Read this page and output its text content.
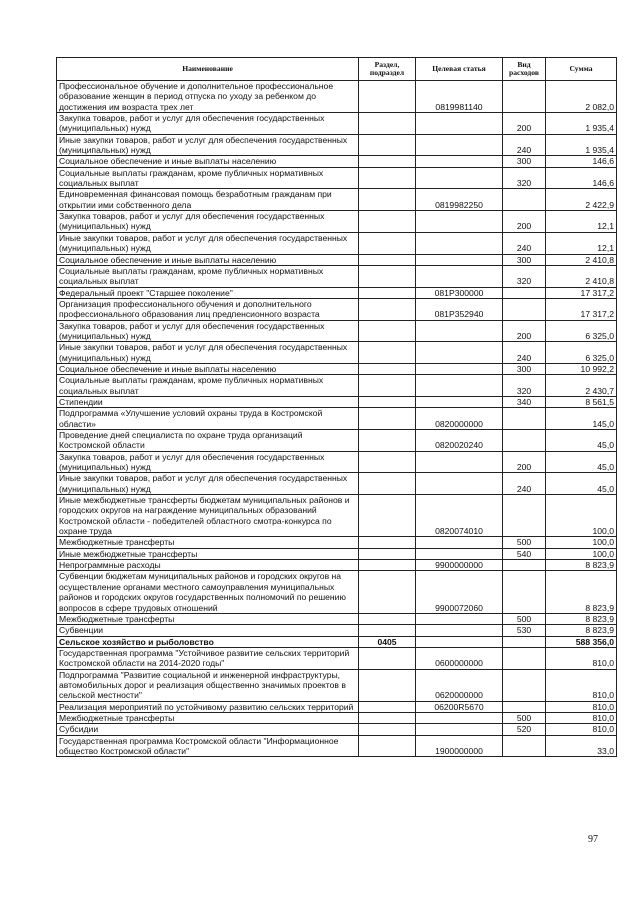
Наименование	Раздел, подраздел	Целевая статья	Вид расходов	Сумма
Профессиональное обучение и дополнительное профессиональное образование женщин в период отпуска по уходу за ребенком до достижения им возраста трех лет		0819981140		2 082,0
Закупка товаров, работ и услуг для обеспечения государственных (муниципальных) нужд			200	1 935,4
Иные закупки товаров, работ и услуг для обеспечения государственных (муниципальных) нужд			240	1 935,4
Социальное обеспечение и иные выплаты населению			300	146,6
Социальные выплаты гражданам, кроме публичных нормативных социальных выплат			320	146,6
Единовременная финансовая помощь безработным гражданам при открытии ими собственного дела		0819982250		2 422,9
Закупка товаров, работ и услуг для обеспечения государственных (муниципальных) нужд			200	12,1
Иные закупки товаров, работ и услуг для обеспечения государственных (муниципальных) нужд			240	12,1
Социальное обеспечение и иные выплаты населению			300	2 410,8
Социальные выплаты гражданам, кроме публичных нормативных социальных выплат			320	2 410,8
Федеральный проект "Старшее поколение"		081P300000		17 317,2
Организация профессионального обучения и дополнительного профессионального образования лиц предпенсионного возраста		081P352940		17 317,2
Закупка товаров, работ и услуг для обеспечения государственных (муниципальных) нужд			200	6 325,0
Иные закупки товаров, работ и услуг для обеспечения государственных (муниципальных) нужд			240	6 325,0
Социальное обеспечение и иные выплаты населению			300	10 992,2
Социальные выплаты гражданам, кроме публичных нормативных социальных выплат			320	2 430,7
Стипендии			340	8 561,5
Подпрограмма «Улучшение условий охраны труда в Костромской области»		0820000000		145,0
Проведение дней специалиста по охране труда организаций Костромской области		0820020240		45,0
Закупка товаров, работ и услуг для обеспечения государственных (муниципальных) нужд			200	45,0
Иные закупки товаров, работ и услуг для обеспечения государственных (муниципальных) нужд			240	45,0
Иные межбюджетные трансферты бюджетам муниципальных районов и городских округов на награждение муниципальных образований Костромской области - победителей областного смотра-конкурса по охране труда		0820074010		100,0
Межбюджетные трансферты			500	100,0
Иные межбюджетные трансферты			540	100,0
Непрограммные расходы		9900000000		8 823,9
Субвенции бюджетам муниципальных районов и городских округов на осуществление органами местного самоуправления муниципальных районов и городских округов государственных полномочий по решению вопросов в сфере трудовых отношений		9900072060		8 823,9
Межбюджетные трансферты			500	8 823,9
Субвенции			530	8 823,9
Сельское хозяйство и рыболовство	0405			588 356,0
Государственная программа "Устойчивое развитие сельских территорий Костромской области на 2014-2020 годы"		0600000000		810,0
Подпрограмма "Развитие социальной и инженерной инфраструктуры, автомобильных дорог и реализация общественно значимых проектов в сельской местности"		0620000000		810,0
Реализация мероприятий по устойчивому развитию сельских территорий		06200R5670		810,0
Межбюджетные трансферты			500	810,0
Субсидии			520	810,0
Государственная программа Костромской области "Информационное общество Костромской области"		1900000000		33,0
97
